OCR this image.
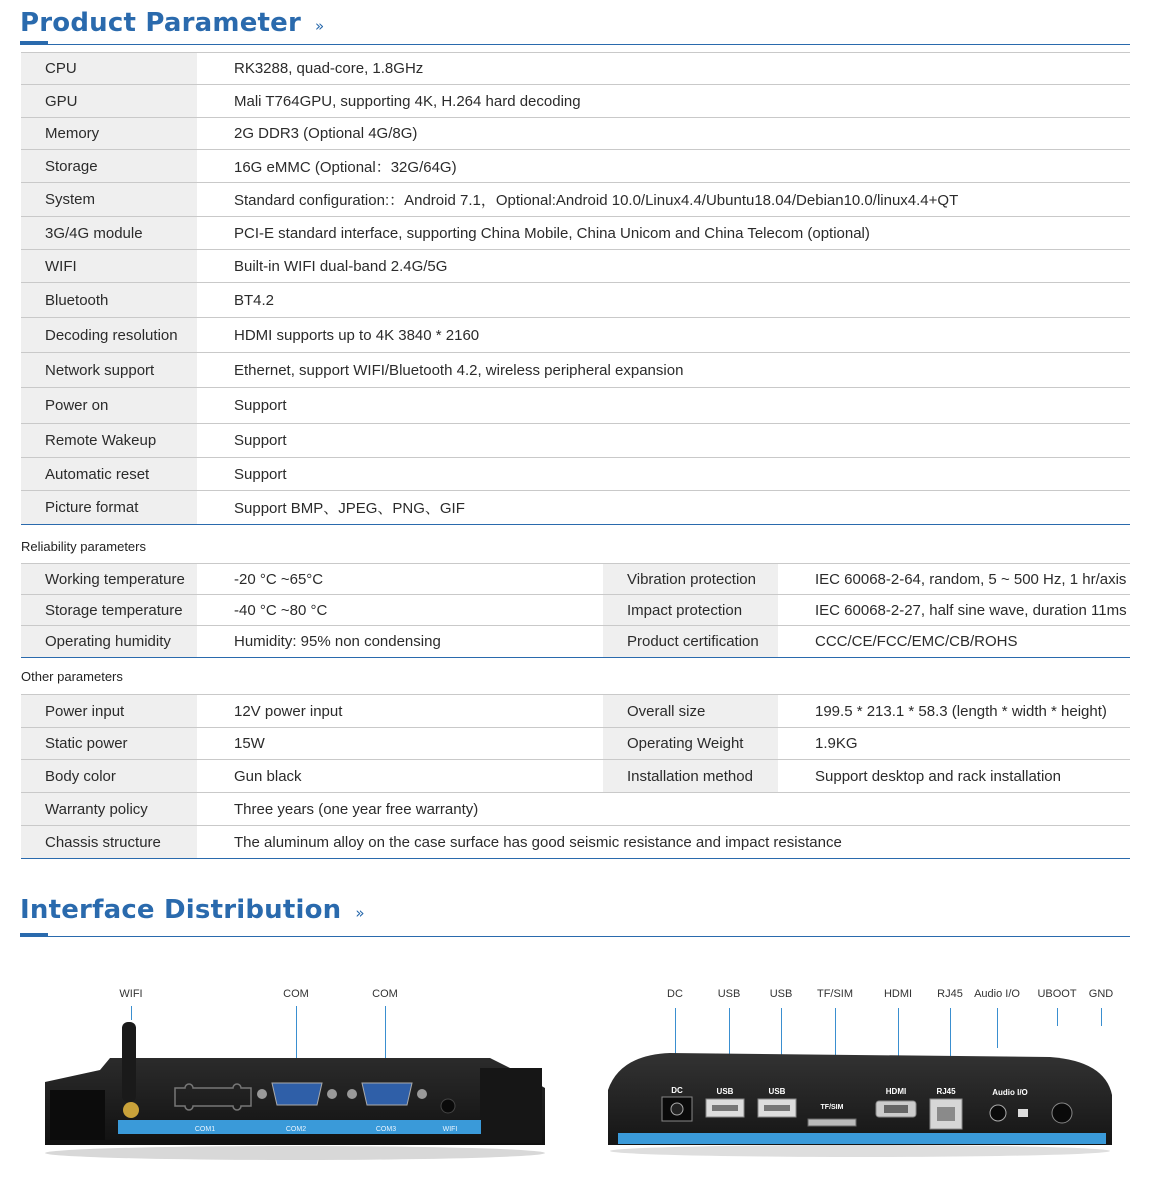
Product Parameter »
CPU	RK3288, quad-core, 1.8GHz
GPU	Mali T764GPU, supporting 4K, H.264 hard decoding
Memory	2G DDR3 (Optional 4G/8G)
Storage	16G eMMC (Optional：32G/64G)
System	Standard configuration:：Android 7.1，Optional:Android 10.0/Linux4.4/Ubuntu18.04/Debian10.0/linux4.4+QT
3G/4G module	PCI-E standard interface, supporting China Mobile, China Unicom and China Telecom (optional)
WIFI	Built-in WIFI dual-band 2.4G/5G
Bluetooth	BT4.2
Decoding resolution	HDMI supports up to 4K 3840 * 2160
Network support	Ethernet, support WIFI/Bluetooth 4.2, wireless peripheral expansion
Power on	Support
Remote Wakeup	Support
Automatic reset	Support
Picture format	Support BMP、JPEG、PNG、GIF
Reliability parameters
Working temperature	-20 °C ~65°C	Vibration protection	IEC 60068-2-64, random, 5 ~ 500 Hz, 1 hr/axis
Storage temperature	-40 °C ~80 °C	Impact protection	IEC 60068-2-27, half sine wave, duration 11ms
Operating humidity	Humidity: 95% non condensing	Product certification	CCC/CE/FCC/EMC/CB/ROHS
Other parameters
Power input	12V power input	Overall size	199.5 * 213.1 * 58.3 (length * width * height)
Static power	15W	Operating Weight	1.9KG
Body color	Gun black	Installation method	Support desktop and rack installation
Warranty policy	Three years (one year free warranty)		
Chassis structure	The aluminum alloy on the case surface has good seismic resistance and impact resistance		
Interface Distribution »
WIFI	COM	COM
COM1	COM2	COM3	WIFI
DC	USB	USB TF/SIM	HDMI RJ45 Audio I/O UBOOT GND
DC	USB	USB
TF/SIM
HDMI	RJ45	Audio I/O
